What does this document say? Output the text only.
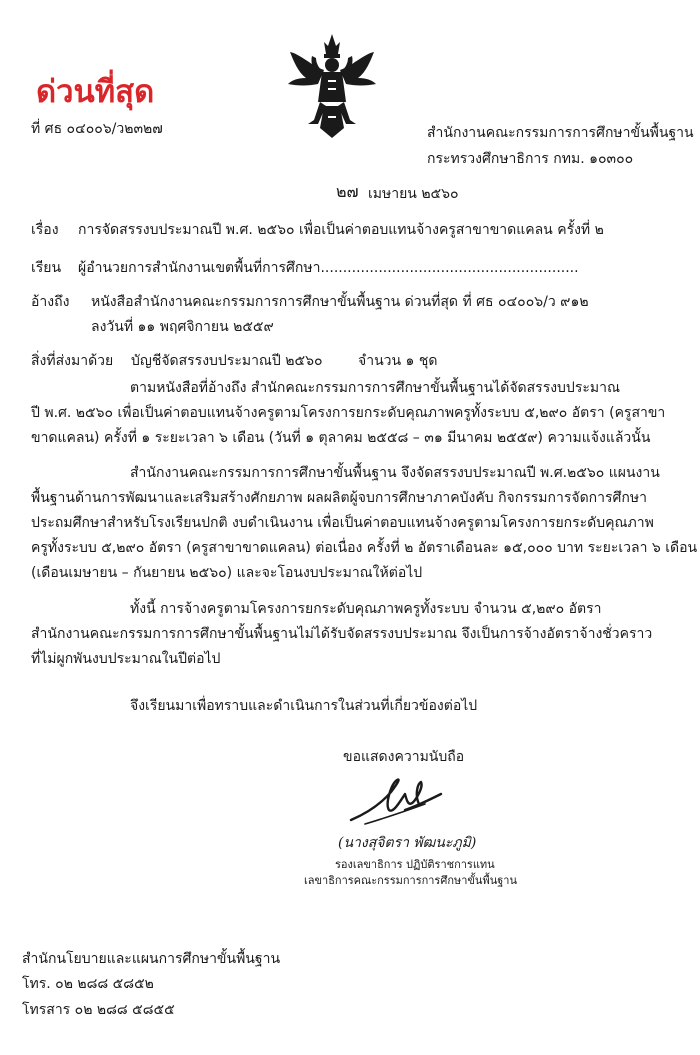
ด่วนที่สุด
ที่ ศธ ๐๔๐๐๖/ว๒๓๒๗	สำนักงานคณะกรรมการการศึกษาขั้นพื้นฐาน
กระทรวงศึกษาธิการ กทม. ๑๐๓๐๐
๒๗ เมษายน ๒๕๖๐
เรื่อง การจัดสรรงบประมาณปี พ.ศ. ๒๕๖๐ เพื่อเป็นค่าตอบแทนจ้างครูสาขาขาดแคลน ครั้งที่ ๒
เรียน ผู้อำนวยการสำนักงานเขตพื้นที่การศึกษา..........................................................
อ้างถึง หนังสือสำนักงานคณะกรรมการการศึกษาขั้นพื้นฐาน ด่วนที่สุด ที่ ศธ ๐๔๐๐๖/ว ๙๑๒
ลงวันที่ ๑๑ พฤศจิกายน ๒๕๕๙
สิ่งที่ส่งมาด้วย บัญชีจัดสรรงบประมาณปี ๒๕๖๐	จำนวน ๑ ชุด
ตามหนังสือที่อ้างถึง สำนักคณะกรรมการการศึกษาขั้นพื้นฐานได้จัดสรรงบประมาณ
ปี พ.ศ. ๒๕๖๐ เพื่อเป็นค่าตอบแทนจ้างครูตามโครงการยกระดับคุณภาพครูทั้งระบบ ๕,๒๙๐ อัตรา (ครูสาขา
ขาดแคลน) ครั้งที่ ๑ ระยะเวลา ๖ เดือน (วันที่ ๑ ตุลาคม ๒๕๕๘ – ๓๑ มีนาคม ๒๕๕๙) ความแจ้งแล้วนั้น
สำนักงานคณะกรรมการการศึกษาขั้นพื้นฐาน จึงจัดสรรงบประมาณปี พ.ศ.๒๕๖๐ แผนงาน
พื้นฐานด้านการพัฒนาและเสริมสร้างศักยภาพ ผลผลิตผู้จบการศึกษาภาคบังคับ กิจกรรมการจัดการศึกษา
ประถมศึกษาสำหรับโรงเรียนปกติ งบดำเนินงาน เพื่อเป็นค่าตอบแทนจ้างครูตามโครงการยกระดับคุณภาพ
ครูทั้งระบบ ๕,๒๙๐ อัตรา (ครูสาขาขาดแคลน) ต่อเนื่อง ครั้งที่ ๒ อัตราเดือนละ ๑๕,๐๐๐ บาท ระยะเวลา ๖ เดือน
(เดือนเมษายน – กันยายน ๒๕๖๐) และจะโอนงบประมาณให้ต่อไป
ทั้งนี้ การจ้างครูตามโครงการยกระดับคุณภาพครูทั้งระบบ จำนวน ๕,๒๙๐ อัตรา
สำนักงานคณะกรรมการการศึกษาขั้นพื้นฐานไม่ได้รับจัดสรรงบประมาณ จึงเป็นการจ้างอัตราจ้างชั่วคราว
ที่ไม่ผูกพันงบประมาณในปีต่อไป
จึงเรียนมาเพื่อทราบและดำเนินการในส่วนที่เกี่ยวข้องต่อไป
ขอแสดงความนับถือ
(นางสุจิตรา พัฒนะภูมิ)
รองเลขาธิการ ปฏิบัติราชการแทน
เลขาธิการคณะกรรมการการศึกษาขั้นพื้นฐาน
สำนักนโยบายและแผนการศึกษาขั้นพื้นฐาน
โทร. ๐๒ ๒๘๘ ๕๘๕๒
โทรสาร ๐๒ ๒๘๘ ๕๘๕๕
